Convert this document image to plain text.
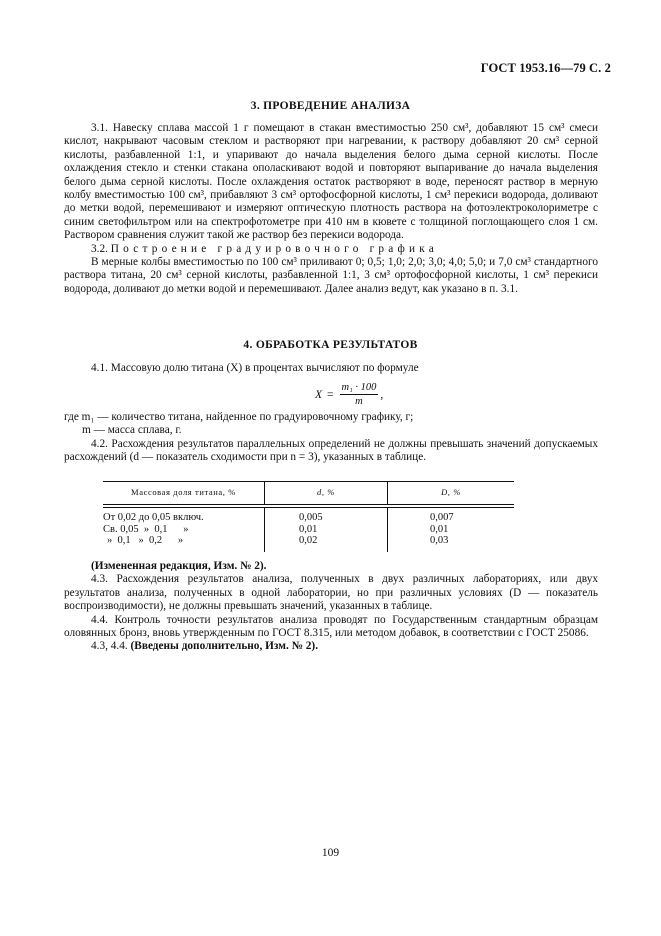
ГОСТ 1953.16—79 С. 2
3. ПРОВЕДЕНИЕ АНАЛИЗА

3.1. Навеску сплава массой 1 г помещают в стакан вместимостью 250 см³, добавляют 15 см³ смеси кислот, накрывают часовым стеклом и растворяют при нагревании, к раствору добавляют 20 см³ серной кислоты, разбавленной 1:1, и упаривают до начала выделения белого дыма серной кислоты. После охлаждения стекло и стенки стакана ополаскивают водой и повторяют выпаривание до начала выделения белого дыма серной кислоты. После охлаждения остаток растворяют в воде, переносят раствор в мерную колбу вместимостью 100 см³, прибавляют 3 см³ ортофосфорной кислоты, 1 см³ перекиси водорода, доливают до метки водой, перемешивают и измеряют оптическую плотность раствора на фотоэлектроколориметре с синим светофильтром или на спектрофотометре при 410 нм в кювете с толщиной поглощающего слоя 1 см. Раствором сравнения служит такой же раствор без перекиси водорода.

3.2. Построение градуировочного графика

В мерные колбы вместимостью по 100 см³ приливают 0; 0,5; 1,0; 2,0; 3,0; 4,0; 5,0; и 7,0 см³ стандартного раствора титана, 20 см³ серной кислоты, разбавленной 1:1, 3 см³ ортофосфорной кислоты, 1 см³ перекиси водорода, доливают до метки водой и перемешивают. Далее анализ ведут, как указано в п. 3.1.

4. ОБРАБОТКА РЕЗУЛЬТАТОВ

4.1. Массовую долю титана (X) в процентах вычисляют по формуле

$X = \frac{\text{m₁ · 100}}{m}$ ,

где m₁ — количество титана, найденное по градуировочному графику, г;

m — масса сплава, г.

4.2. Расхождения результатов параллельных определений не должны превышать значений допускаемых расхождений (d — показатель сходимости при n = 3), указанных в таблице.

Массовая доля титана, %	d, %	D, %
От 0,02 до 0,05 включ.
Св. 0,05  »  0,1      »
»  0,1   »  0,2      »
0,005
0,01
0,02
0,007
0,01
0,03

(Измененная редакция, Изм. № 2).

4.3. Расхождения результатов анализа, полученных в двух различных лабораториях, или двух результатов анализа, полученных в одной лаборатории, но при различных условиях (D — показатель воспроизводимости), не должны превышать значений, указанных в таблице.

4.4. Контроль точности результатов анализа проводят по Государственным стандартным образцам оловянных бронз, вновь утвержденным по ГОСТ 8.315, или методом добавок, в соответствии с ГОСТ 25086.

4.3, 4.4. (Введены дополнительно, Изм. № 2).

109
